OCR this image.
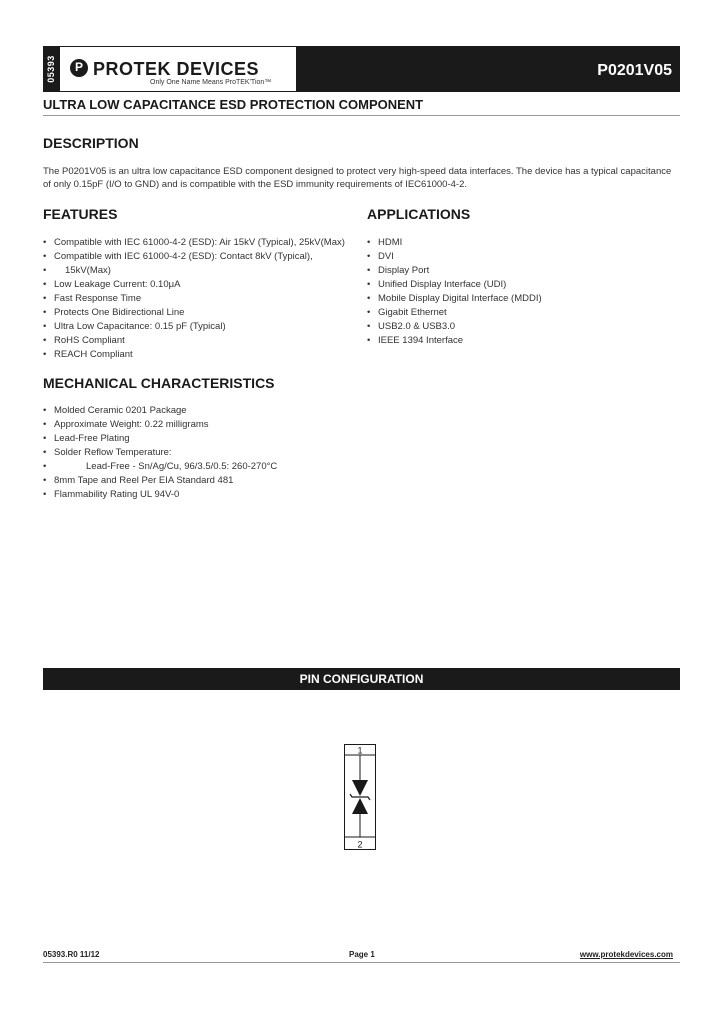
05393
P PROTEK DEVICES
Only One Name Means ProTEK'Tion™
P0201V05
ULTRA LOW CAPACITANCE ESD PROTECTION COMPONENT
DESCRIPTION
The P0201V05 is an ultra low capacitance ESD component designed to protect very high-speed data interfaces. The device has a typical capacitance of only 0.15pF (I/O to GND) and is compatible with the ESD immunity requirements of IEC61000-4-2.
FEATURES
• Compatible with IEC 61000-4-2 (ESD): Air 15kV (Typical), 25kV(Max)
• Compatible with IEC 61000-4-2 (ESD): Contact 8kV (Typical),
• 15kV(Max)
• Low Leakage Current: 0.10μA
• Fast Response Time
• Protects One Bidirectional Line
• Ultra Low Capacitance: 0.15 pF (Typical)
• RoHS Compliant
• REACH Compliant
APPLICATIONS
• HDMI
• DVI
• Display Port
• Unified Display Interface (UDI)
• Mobile Display Digital Interface (MDDI)
• Gigabit Ethernet
• USB2.0 & USB3.0
• IEEE 1394 Interface
MECHANICAL CHARACTERISTICS
• Molded Ceramic 0201 Package
• Approximate Weight: 0.22 milligrams
• Lead-Free Plating
• Solder Reflow Temperature:
• Lead-Free - Sn/Ag/Cu, 96/3.5/0.5: 260-270°C
• 8mm Tape and Reel Per EIA Standard 481
• Flammability Rating UL 94V-0
PIN CONFIGURATION
1
2
05393.R0 11/12	Page 1	www.protekdevices.com
